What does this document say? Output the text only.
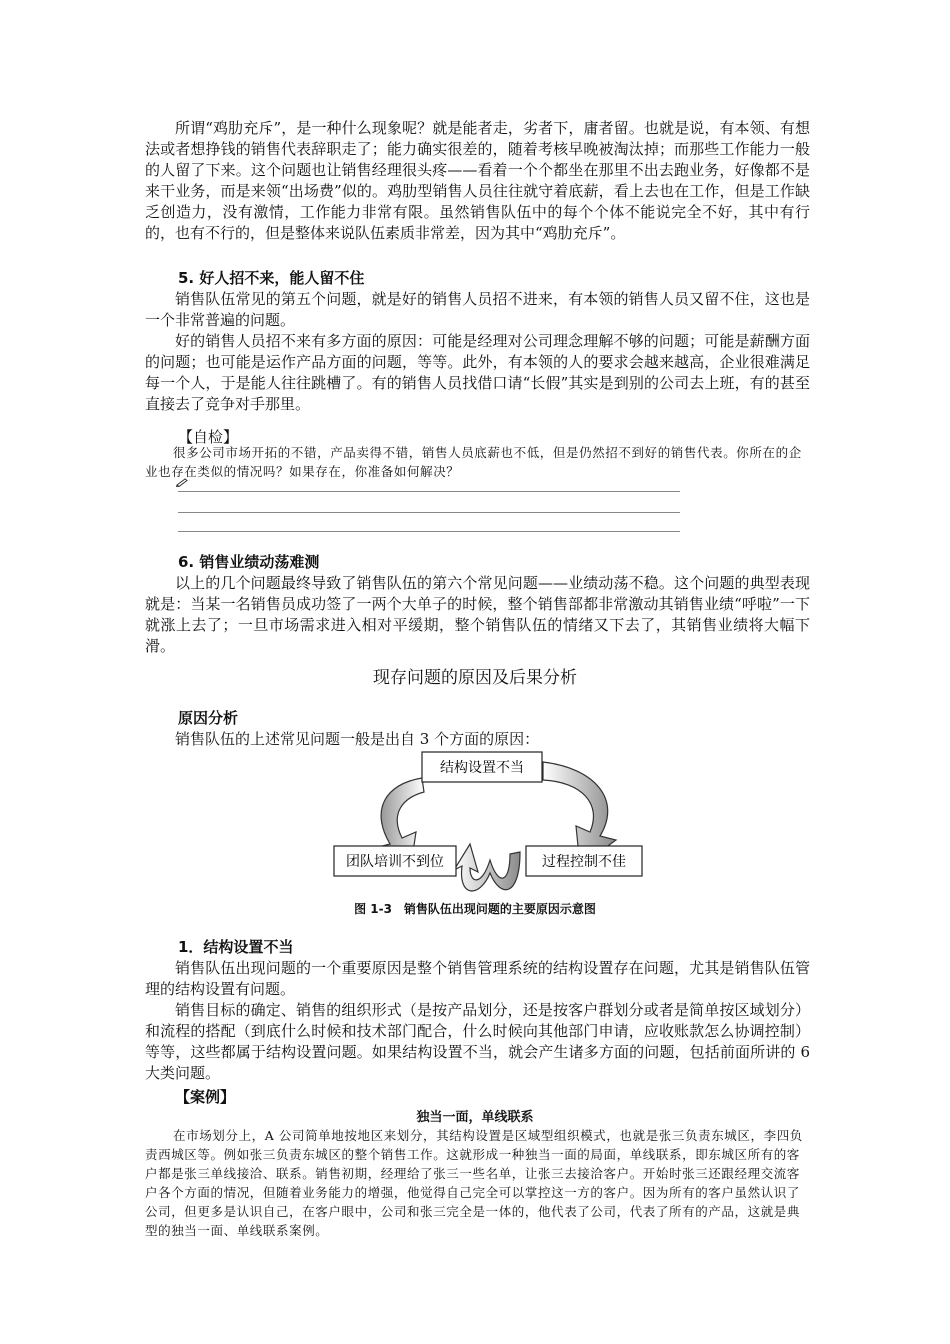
所谓“鸡肋充斥”，是一种什么现象呢？就是能者走，劣者下，庸者留。也就是说，有本领、有想法或者想挣钱的销售代表辞职走了；能力确实很差的，随着考核早晚被淘汰掉；而那些工作能力一般的人留了下来。这个问题也让销售经理很头疼——看着一个个都坐在那里不出去跑业务，好像都不是来干业务，而是来领“出场费”似的。鸡肋型销售人员往往就守着底薪，看上去也在工作，但是工作缺乏创造力，没有激情，工作能力非常有限。虽然销售队伍中的每个个体不能说完全不好，其中有行的，也有不行的，但是整体来说队伍素质非常差，因为其中“鸡肋充斥”。

5. 好人招不来，能人留不住

销售队伍常见的第五个问题，就是好的销售人员招不进来，有本领的销售人员又留不住，这也是一个非常普遍的问题。

好的销售人员招不来有多方面的原因：可能是经理对公司理念理解不够的问题；可能是薪酬方面的问题；也可能是运作产品方面的问题，等等。此外，有本领的人的要求会越来越高，企业很难满足每一个人，于是能人往往跳槽了。有的销售人员找借口请“长假”其实是到别的公司去上班，有的甚至直接去了竞争对手那里。

【自检】

很多公司市场开拓的不错，产品卖得不错，销售人员底薪也不低，但是仍然招不到好的销售代表。你所在的企业也存在类似的情况吗？如果存在，你准备如何解决？

6. 销售业绩动荡难测

以上的几个问题最终导致了销售队伍的第六个常见问题——业绩动荡不稳。这个问题的典型表现就是：当某一名销售员成功签了一两个大单子的时候，整个销售部都非常激动其销售业绩“呼啦”一下就涨上去了；一旦市场需求进入相对平缓期，整个销售队伍的情绪又下去了，其销售业绩将大幅下滑。

现存问题的原因及后果分析

原因分析

销售队伍的上述常见问题一般是出自 3 个方面的原因：

结构设置不当
团队培训不到位	过程控制不佳

图 1-3　销售队伍出现问题的主要原因示意图

1．结构设置不当

销售队伍出现问题的一个重要原因是整个销售管理系统的结构设置存在问题，尤其是销售队伍管理的结构设置有问题。

销售目标的确定、销售的组织形式（是按产品划分，还是按客户群划分或者是简单按区域划分）和流程的搭配（到底什么时候和技术部门配合，什么时候向其他部门申请，应收账款怎么协调控制）等等，这些都属于结构设置问题。如果结构设置不当，就会产生诸多方面的问题，包括前面所讲的 6 大类问题。

【案例】

独当一面，单线联系

在市场划分上，A 公司简单地按地区来划分，其结构设置是区域型组织模式，也就是张三负责东城区，李四负责西城区等。例如张三负责东城区的整个销售工作。这就形成一种独当一面的局面，单线联系，即东城区所有的客户都是张三单线接洽、联系。销售初期，经理给了张三一些名单，让张三去接洽客户。开始时张三还跟经理交流客户各个方面的情况，但随着业务能力的增强，他觉得自己完全可以掌控这一方的客户。因为所有的客户虽然认识了公司，但更多是认识自己，在客户眼中，公司和张三完全是一体的，他代表了公司，代表了所有的产品，这就是典型的独当一面、单线联系案例。
